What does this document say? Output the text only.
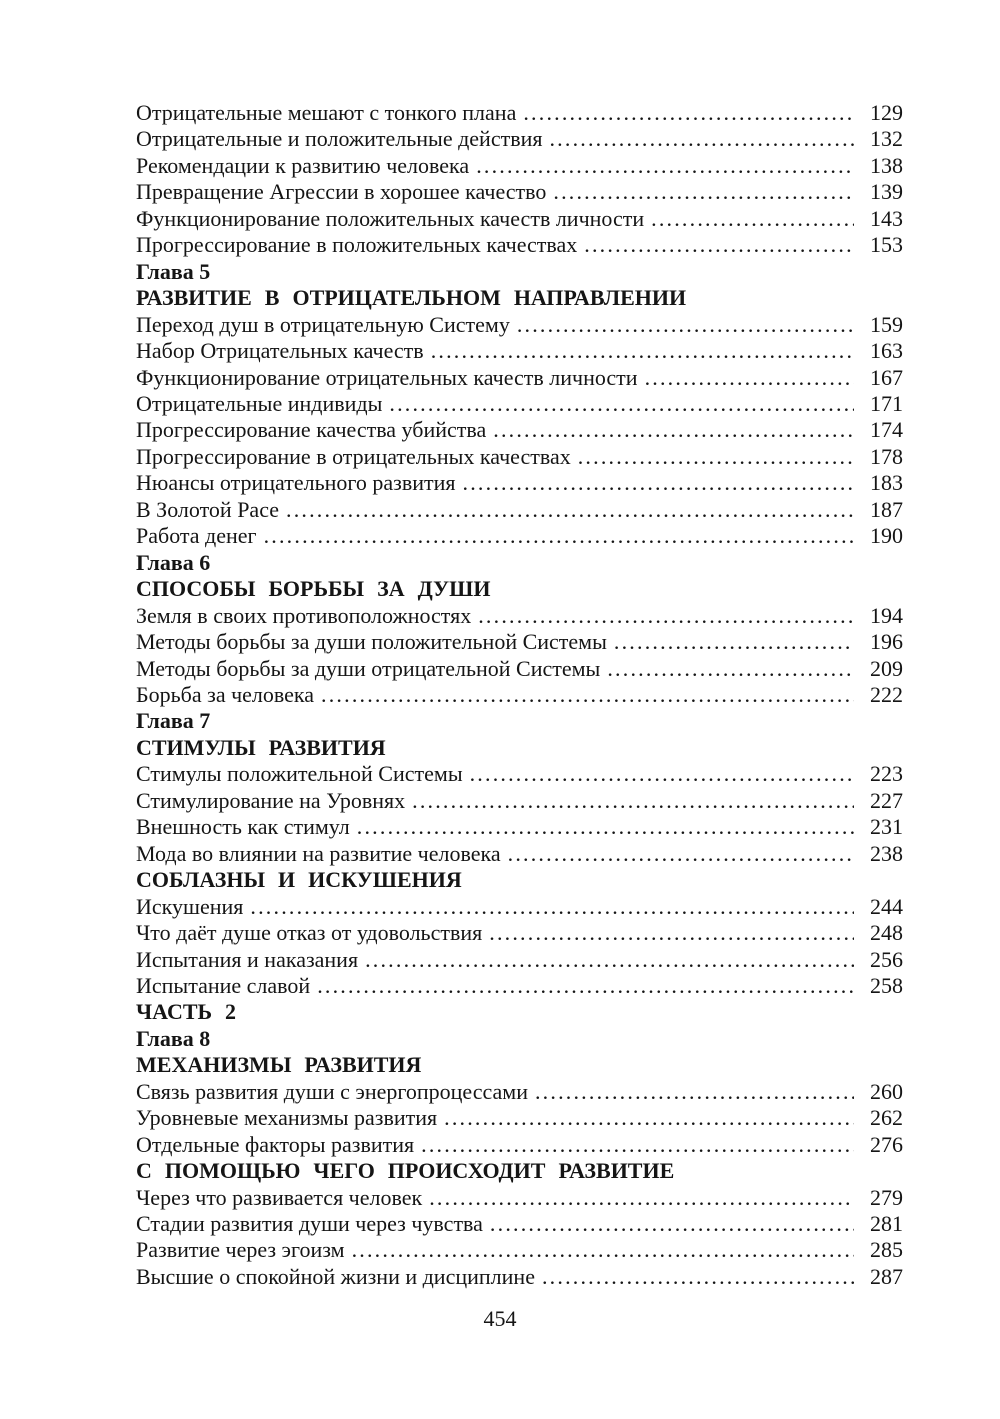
Отрицательные мешают с тонкого плана .....	129
Отрицательные и положительные действия .....	132
Рекомендации к развитию человека .....	138
Превращение Агрессии в хорошее качество .....	139
Функционирование положительных качеств личности .....	143
Прогрессирование в положительных качествах .....	153
Глава 5
РАЗВИТИЕ В ОТРИЦАТЕЛЬНОМ НАПРАВЛЕНИИ
Переход душ в отрицательную Систему .....	159
Набор Отрицательных качеств .....	163
Функционирование отрицательных качеств личности .....	167
Отрицательные индивиды .....	171
Прогрессирование качества убийства .....	174
Прогрессирование в отрицательных качествах .....	178
Нюансы отрицательного развития .....	183
В Золотой Расе .....	187
Работа денег .....	190
Глава 6
СПОСОБЫ БОРЬБЫ ЗА ДУШИ
Земля в своих противоположностях .....	194
Методы борьбы за души положительной Системы .....	196
Методы борьбы за души отрицательной Системы .....	209
Борьба за человека .....	222
Глава 7
СТИМУЛЫ РАЗВИТИЯ
Стимулы положительной Системы .....	223
Стимулирование на Уровнях .....	227
Внешность как стимул .....	231
Мода во влиянии на развитие человека .....	238
СОБЛАЗНЫ И ИСКУШЕНИЯ
Искушения .....	244
Что даёт душе отказ от удовольствия .....	248
Испытания и наказания .....	256
Испытание славой .....	258
ЧАСТЬ 2
Глава 8
МЕХАНИЗМЫ РАЗВИТИЯ
Связь развития души с энергопроцессами .....	260
Уровневые механизмы развития .....	262
Отдельные факторы развития .....	276
С ПОМОЩЬЮ ЧЕГО ПРОИСХОДИТ РАЗВИТИЕ
Через что развивается человек .....	279
Стадии развития души через чувства .....	281
Развитие через эгоизм .....	285
Высшие о спокойной жизни и дисциплине .....	287
454
